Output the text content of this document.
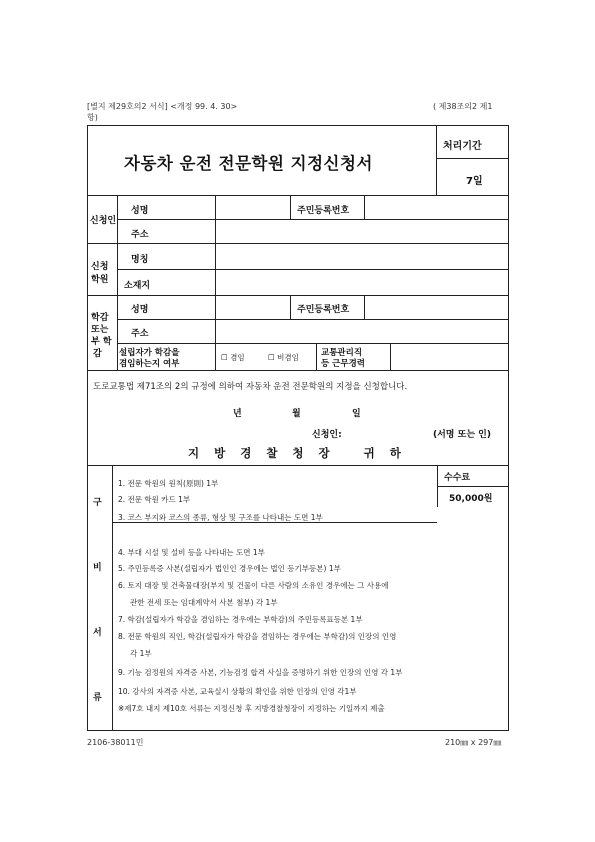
[별지 제29호의2 서식] <개정 99. 4. 30>	( 제38조의2 제1
항)
자동차 운전 전문학원 지정신청서
처리기간
7일
신청인
성명	주민등록번호
주소
신청
학원
명칭
소재지
학감
또는
부 학
감
성명	주민등록번호
주소
설립자가 학감을
겸임하는지 여부
☐ 겸임	☐ 비겸임	교통관리직
등 근무경력
도로교통법 제71조의 2의 규정에 의하여 자동차 운전 전문학원의 지정을 신청합니다.
년	월	일
신청인:	(서명 또는 인)
지방경찰청장 귀하
구
비
서
류
수수료
50,000원
1. 전문 학원의 원칙(原則) 1부
2. 전문 학원 카드 1부
3. 코스 부지와 코스의 종류, 형상 및 구조를 나타내는 도면 1부
4. 부대 시설 및 설비 등을 나타내는 도면 1부
5. 주민등록증 사본(설립자가 법인인 경우에는 법인 등기부등본) 1부
6. 토지 대장 및 건축물대장(부지 및 건물이 다른 사람의 소유인 경우에는 그 사용에
관한 전세 또는 임대계약서 사본 첨부) 각 1부
7. 학감(설립자가 학감을 겸임하는 경우에는 부학감)의 주민등록표등본 1부
8. 전문 학원의 직인, 학감(설립자가 학감을 겸임하는 경우에는 부학감)의 인장의 인영
각 1부
9. 기능 검정원의 자격증 사본, 기능검정 합격 사실을 증명하기 위한 인장의 인영 각 1부
10. 강사의 자격증 사본, 교육실시 상황의 확인을 위한 인장의 인영 각1부
※제7호 내지 제10호 서류는 지정신청 후 지방경찰청장이 지정하는 기일까지 제출
2106-38011민	210㎜ x 297㎜
